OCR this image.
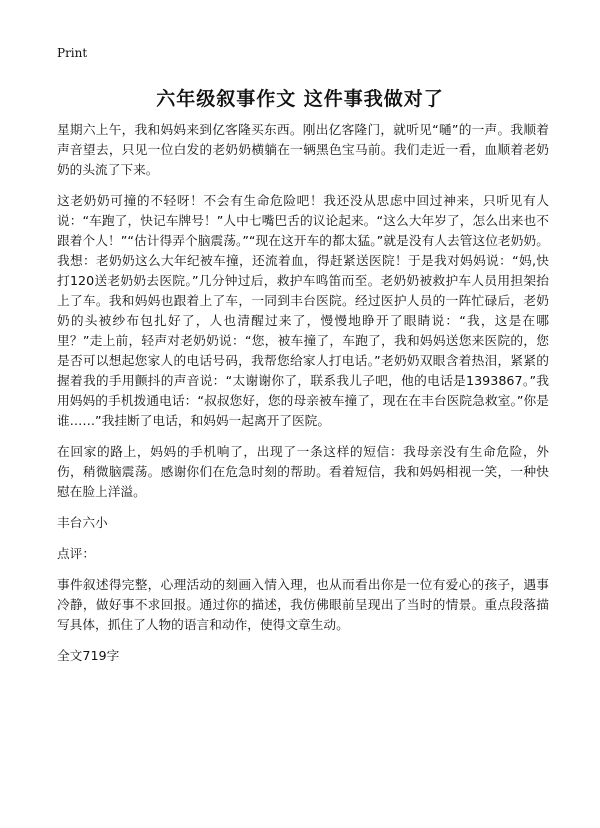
Print
六年级叙事作文 这件事我做对了

星期六上午，我和妈妈来到亿客隆买东西。刚出亿客隆门，就听见“嗵”的一声。我顺着声音望去，只见一位白发的老奶奶横躺在一辆黑色宝马前。我们走近一看，血顺着老奶奶的头流了下来。

这老奶奶可撞的不轻呀！不会有生命危险吧！我还没从思虑中回过神来，只听见有人说：“车跑了，快记车牌号！”人中七嘴巴舌的议论起来。“这么大年岁了，怎么出来也不跟着个人！”“估计得弄个脑震荡。”“现在这开车的都太猛。”就是没有人去管这位老奶奶。我想：老奶奶这么大年纪被车撞，还流着血，得赶紧送医院！于是我对妈妈说：“妈,快打120送老奶奶去医院。”几分钟过后，救护车鸣笛而至。老奶奶被救护车人员用担架抬上了车。我和妈妈也跟着上了车，一同到丰台医院。经过医护人员的一阵忙碌后，老奶奶的头被纱布包扎好了，人也清醒过来了，慢慢地睁开了眼睛说：“我，这是在哪里？”走上前，轻声对老奶奶说：“您，被车撞了，车跑了，我和妈妈送您来医院的，您是否可以想起您家人的电话号码，我帮您给家人打电话。”老奶奶双眼含着热泪，紧紧的握着我的手用颤抖的声音说：“太谢谢你了，联系我儿子吧，他的电话是1393867。”我用妈妈的手机拨通电话：“叔叔您好，您的母亲被车撞了，现在在丰台医院急救室。”你是谁……”我挂断了电话，和妈妈一起离开了医院。

在回家的路上，妈妈的手机响了，出现了一条这样的短信：我母亲没有生命危险，外伤，稍微脑震荡。感谢你们在危急时刻的帮助。看着短信，我和妈妈相视一笑，一种快慰在脸上洋溢。

丰台六小

点评：

事件叙述得完整，心理活动的刻画入情入理，也从而看出你是一位有爱心的孩子，遇事冷静，做好事不求回报。通过你的描述，我仿佛眼前呈现出了当时的情景。重点段落描写具体，抓住了人物的语言和动作，使得文章生动。

全文719字
